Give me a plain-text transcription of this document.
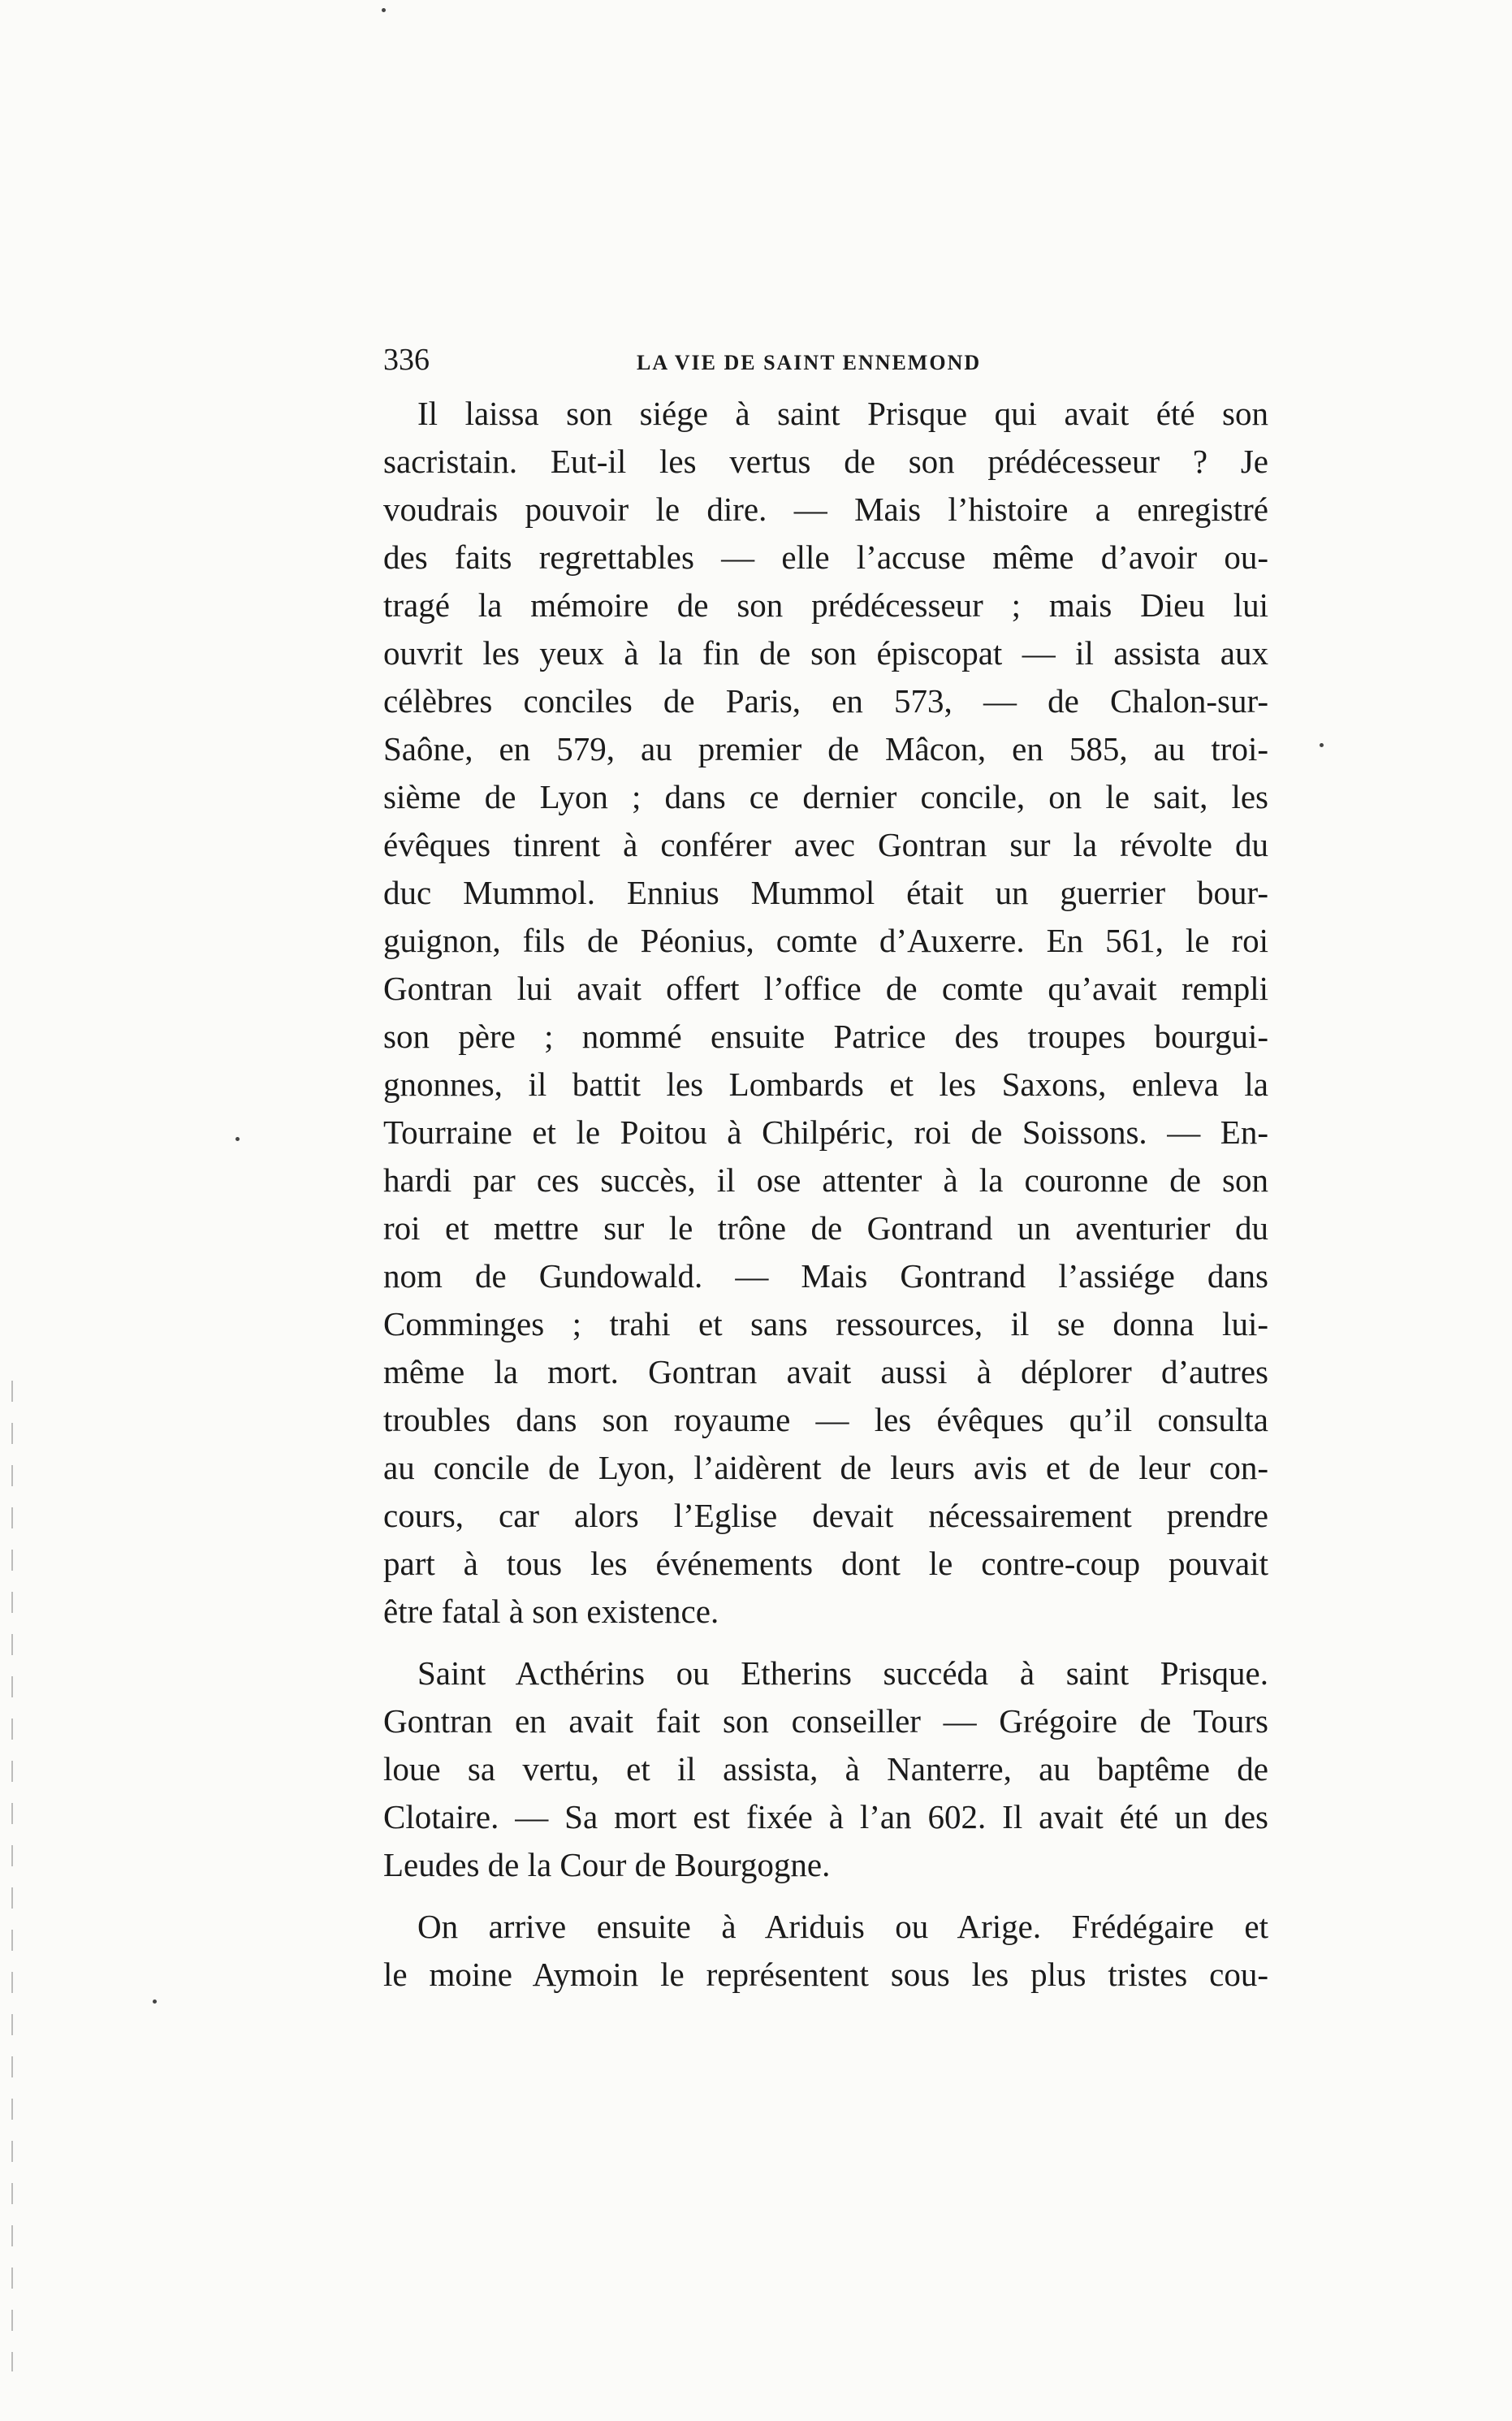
336	LA VIE DE SAINT ENNEMOND

Il laissa son siége à saint Prisque qui avait été son
sacristain. Eut-il les vertus de son prédécesseur ? Je
voudrais pouvoir le dire. — Mais l’histoire a enregistré
des faits regrettables — elle l’accuse même d’avoir ou-
tragé la mémoire de son prédécesseur ; mais Dieu lui
ouvrit les yeux à la fin de son épiscopat — il assista aux
célèbres conciles de Paris, en 573, — de Chalon-sur-
Saône, en 579, au premier de Mâcon, en 585, au troi-
sième de Lyon ; dans ce dernier concile, on le sait, les
évêques tinrent à conférer avec Gontran sur la révolte du
duc Mummol. Ennius Mummol était un guerrier bour-
guignon, fils de Péonius, comte d’Auxerre. En 561, le roi
Gontran lui avait offert l’office de comte qu’avait rempli
son père ; nommé ensuite Patrice des troupes bourgui-
gnonnes, il battit les Lombards et les Saxons, enleva la
Tourraine et le Poitou à Chilpéric, roi de Soissons. — En-
hardi par ces succès, il ose attenter à la couronne de son
roi et mettre sur le trône de Gontrand un aventurier du
nom de Gundowald. — Mais Gontrand l’assiége dans
Comminges ; trahi et sans ressources, il se donna lui-
même la mort. Gontran avait aussi à déplorer d’autres
troubles dans son royaume — les évêques qu’il consulta
au concile de Lyon, l’aidèrent de leurs avis et de leur con-
cours, car alors l’Eglise devait nécessairement prendre
part à tous les événements dont le contre-coup pouvait
être fatal à son existence.

Saint Acthérins ou Etherins succéda à saint Prisque.
Gontran en avait fait son conseiller — Grégoire de Tours
loue sa vertu, et il assista, à Nanterre, au baptême de
Clotaire. — Sa mort est fixée à l’an 602. Il avait été un des
Leudes de la Cour de Bourgogne.

On arrive ensuite à Ariduis ou Arige. Frédégaire et
le moine Aymoin le représentent sous les plus tristes cou-
